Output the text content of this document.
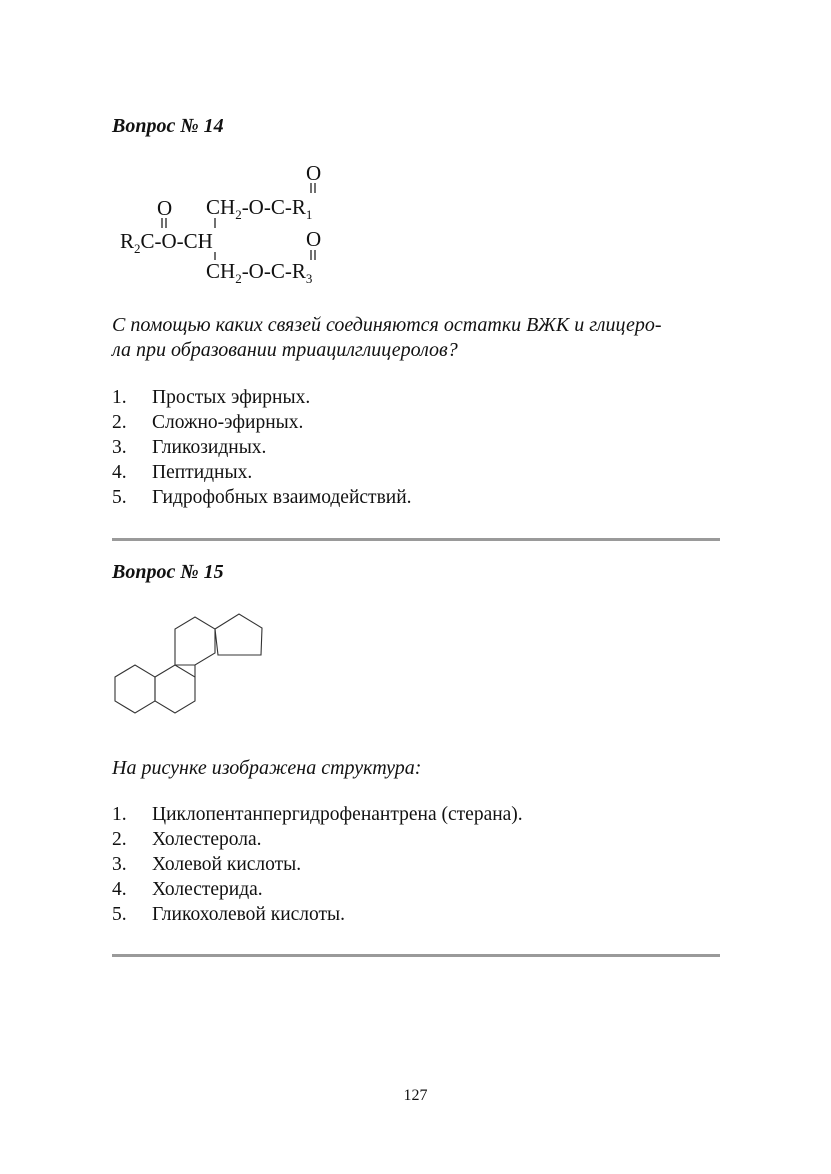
Вопрос № 14
O
$CH_2-O-C-R_1$
O
$R_2C-O-CH$	O
$CH_2-O-C-R_3$
С помощью каких связей соединяются остатки ВЖК и глицеро-
ла при образовании триацилглицеролов?
1. Простых эфирных.
2. Сложно-эфирных.
3. Гликозидных.
4. Пептидных.
5. Гидрофобных взаимодействий.
Вопрос № 15
На рисунке изображена структура:
1. Циклопентанпергидрофенантрена (стерана).
2. Холестерола.
3. Холевой кислоты.
4. Холестерида.
5. Гликохолевой кислоты.
127
